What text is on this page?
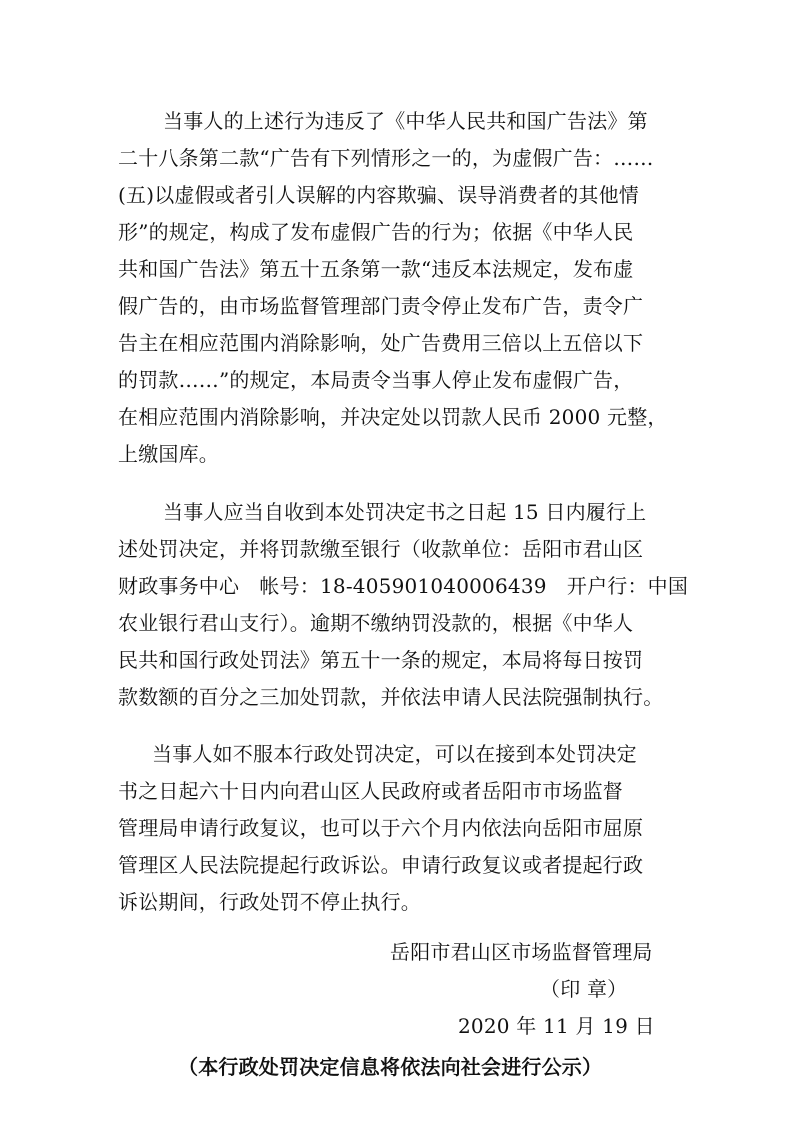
当事人的上述行为违反了《中华人民共和国广告法》第
二十八条第二款“广告有下列情形之一的，为虚假广告：……
(五)以虚假或者引人误解的内容欺骗、误导消费者的其他情
形”的规定，构成了发布虚假广告的行为；依据《中华人民
共和国广告法》第五十五条第一款“违反本法规定，发布虚
假广告的，由市场监督管理部门责令停止发布广告，责令广
告主在相应范围内消除影响，处广告费用三倍以上五倍以下
的罚款……”的规定，本局责令当事人停止发布虚假广告，
在相应范围内消除影响，并决定处以罚款人民币 2000 元整，
上缴国库。
当事人应当自收到本处罚决定书之日起 15 日内履行上
述处罚决定，并将罚款缴至银行（收款单位：岳阳市君山区
财政事务中心　帐号：18-405901040006439　开户行：中国
农业银行君山支行）。逾期不缴纳罚没款的，根据《中华人
民共和国行政处罚法》第五十一条的规定，本局将每日按罚
款数额的百分之三加处罚款，并依法申请人民法院强制执行。
当事人如不服本行政处罚决定，可以在接到本处罚决定
书之日起六十日内向君山区人民政府或者岳阳市市场监督
管理局申请行政复议，也可以于六个月内依法向岳阳市屈原
管理区人民法院提起行政诉讼。申请行政复议或者提起行政
诉讼期间，行政处罚不停止执行。
岳阳市君山区市场监督管理局
（印 章）
2020 年 11 月 19 日
（本行政处罚决定信息将依法向社会进行公示）
